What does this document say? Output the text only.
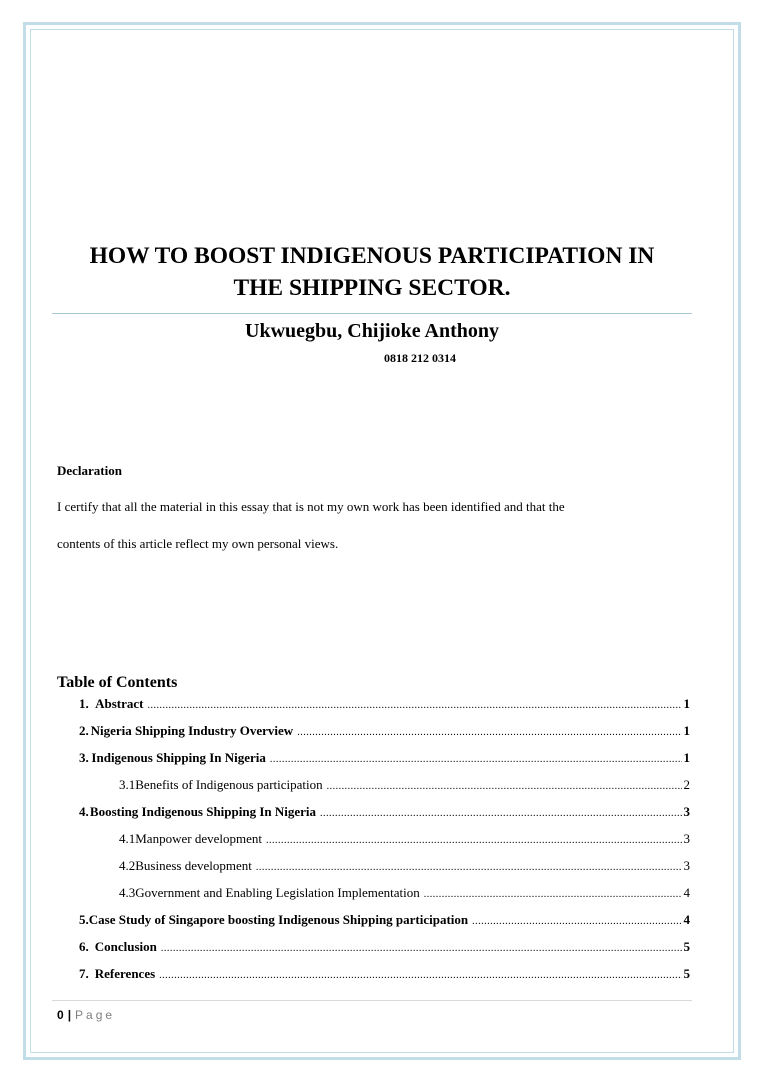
HOW TO BOOST INDIGENOUS PARTICIPATION IN
THE SHIPPING SECTOR.
Ukwuegbu, Chijioke Anthony
0818 212 0314
Declaration
I certify that all the material in this essay that is not my own work has been identified and that the
contents of this article reflect my own personal views.
Table of Contents
1. Abstract .....	1
2. Nigeria Shipping Industry Overview .....	1
3. Indigenous Shipping In Nigeria .....	1
3.1 Benefits of Indigenous participation .....	2
4. Boosting Indigenous Shipping In Nigeria .....	3
4.1 Manpower development .....	3
4.2 Business development .....	3
4.3 Government and Enabling Legislation Implementation .....	4
5. Case Study of Singapore boosting Indigenous Shipping participation .....	4
6. Conclusion .....	5
7. References .....	5
0 | Page
